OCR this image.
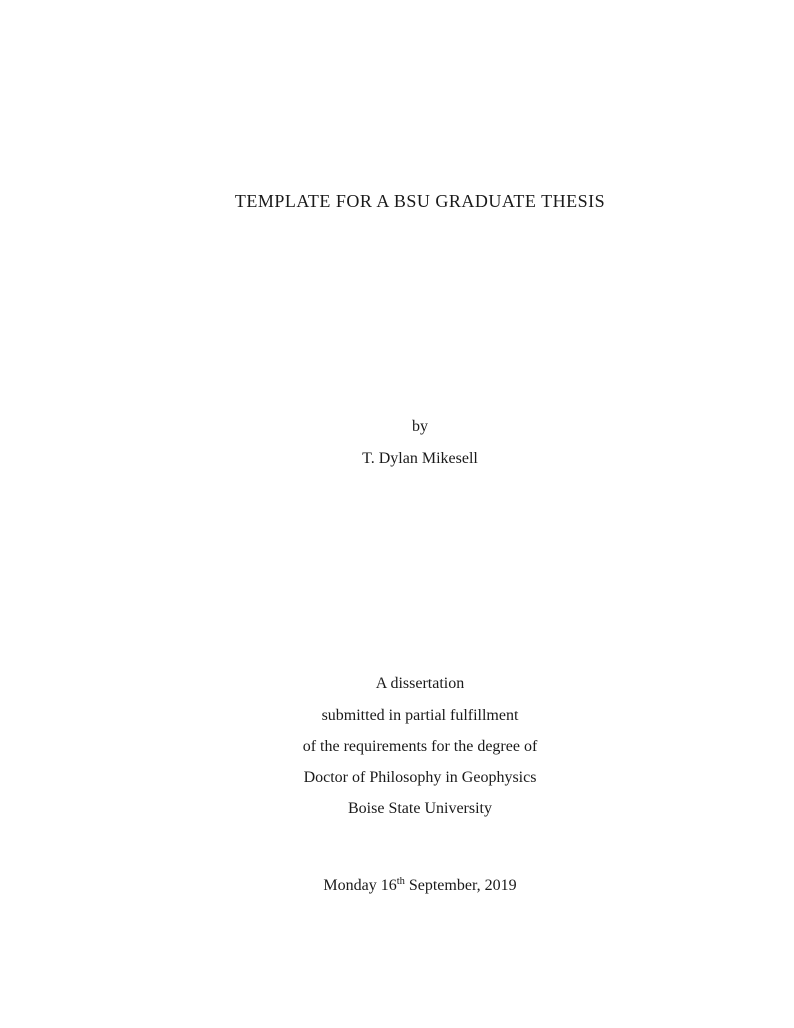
TEMPLATE FOR A BSU GRADUATE THESIS
by
T. Dylan Mikesell
A dissertation
submitted in partial fulfillment
of the requirements for the degree of
Doctor of Philosophy in Geophysics
Boise State University
Monday 16th September, 2019
